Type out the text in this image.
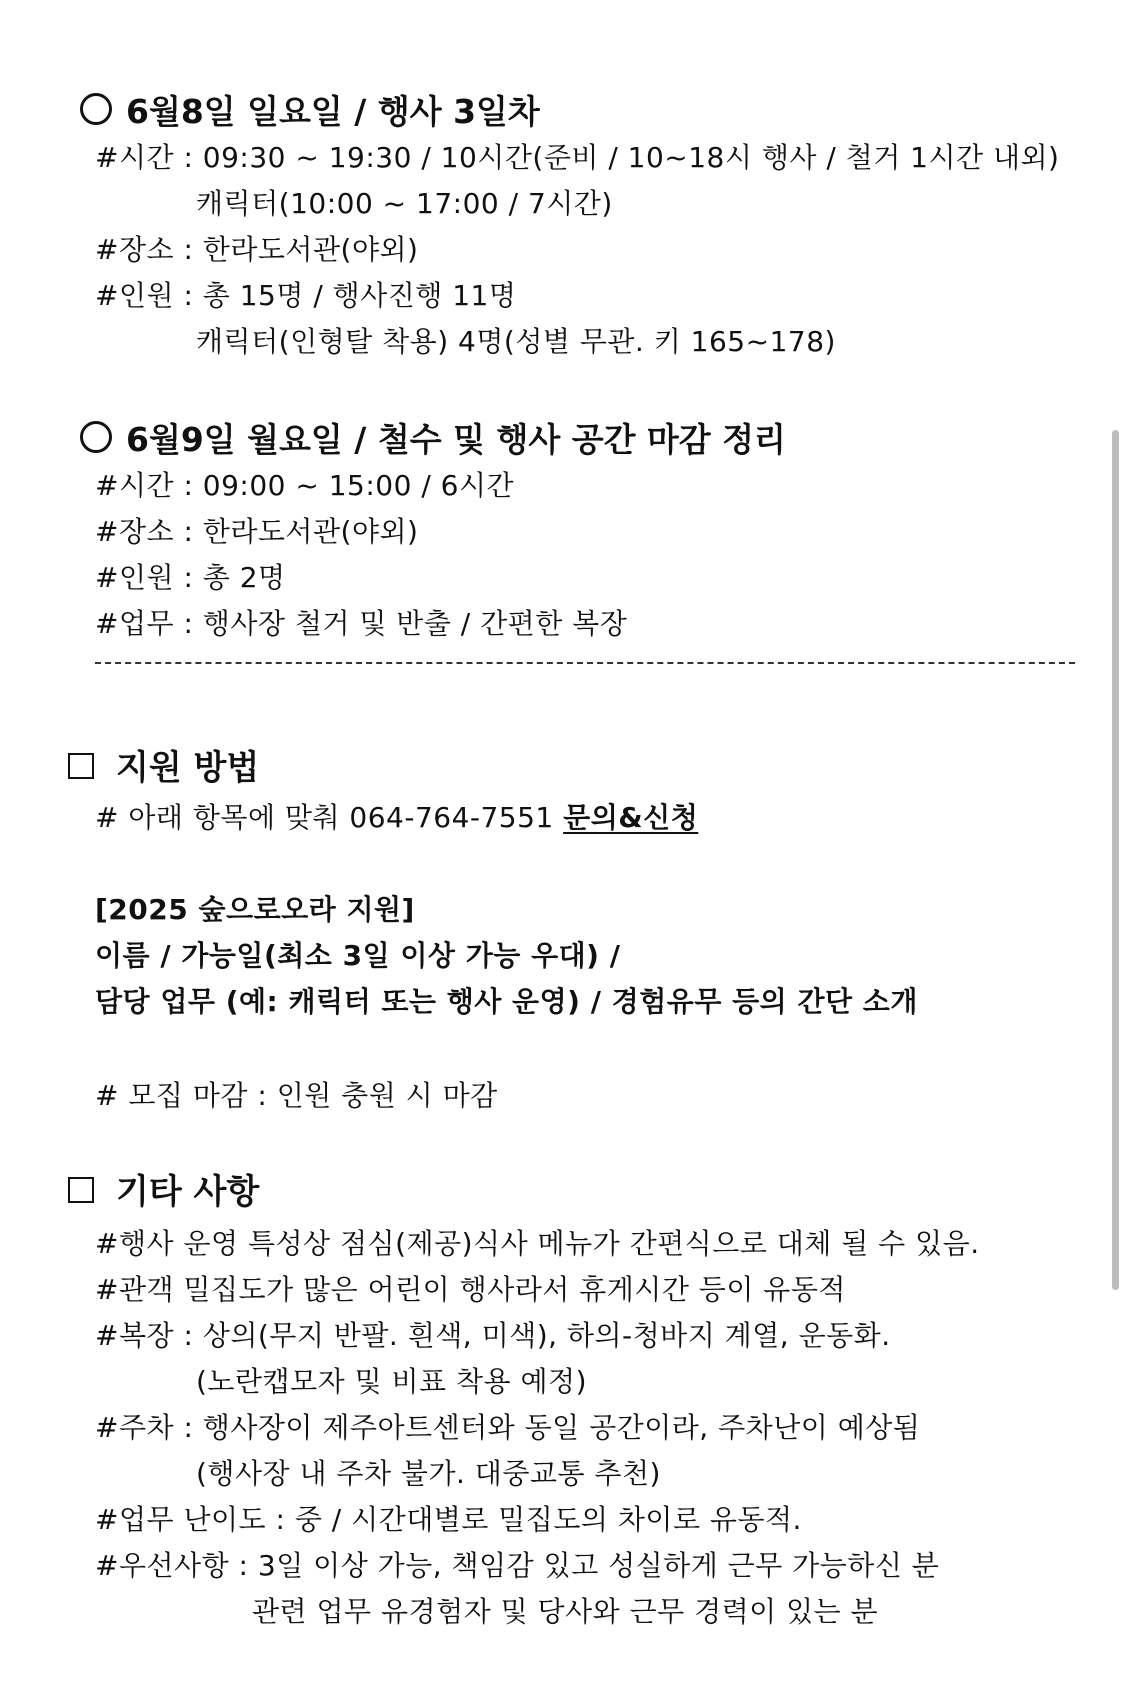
6월8일 일요일 / 행사 3일차
#시간 : 09:30 ~ 19:30 / 10시간(준비 / 10~18시 행사 / 철거 1시간 내외)
캐릭터(10:00 ~ 17:00 / 7시간)
#장소 : 한라도서관(야외)
#인원 : 총 15명 / 행사진행 11명
캐릭터(인형탈 착용) 4명(성별 무관. 키 165~178)
6월9일 월요일 / 철수 및 행사 공간 마감 정리
#시간 : 09:00 ~ 15:00 / 6시간
#장소 : 한라도서관(야외)
#인원 : 총 2명
#업무 : 행사장 철거 및 반출 / 간편한 복장
지원 방법
# 아래 항목에 맞춰 064-764-7551 문의&신청
[2025 숲으로오라 지원]
이름 / 가능일(최소 3일 이상 가능 우대) /
담당 업무 (예: 캐릭터 또는 행사 운영) / 경험유무 등의 간단 소개
# 모집 마감 : 인원 충원 시 마감
기타 사항
#행사 운영 특성상 점심(제공)식사 메뉴가 간편식으로 대체 될 수 있음.
#관객 밀집도가 많은 어린이 행사라서 휴게시간 등이 유동적
#복장 : 상의(무지 반팔. 흰색, 미색), 하의-청바지 계열, 운동화.
(노란캡모자 및 비표 착용 예정)
#주차 : 행사장이 제주아트센터와 동일 공간이라, 주차난이 예상됨
(행사장 내 주차 불가. 대중교통 추천)
#업무 난이도 : 중 / 시간대별로 밀집도의 차이로 유동적.
#우선사항 : 3일 이상 가능, 책임감 있고 성실하게 근무 가능하신 분
관련 업무 유경험자 및 당사와 근무 경력이 있는 분
